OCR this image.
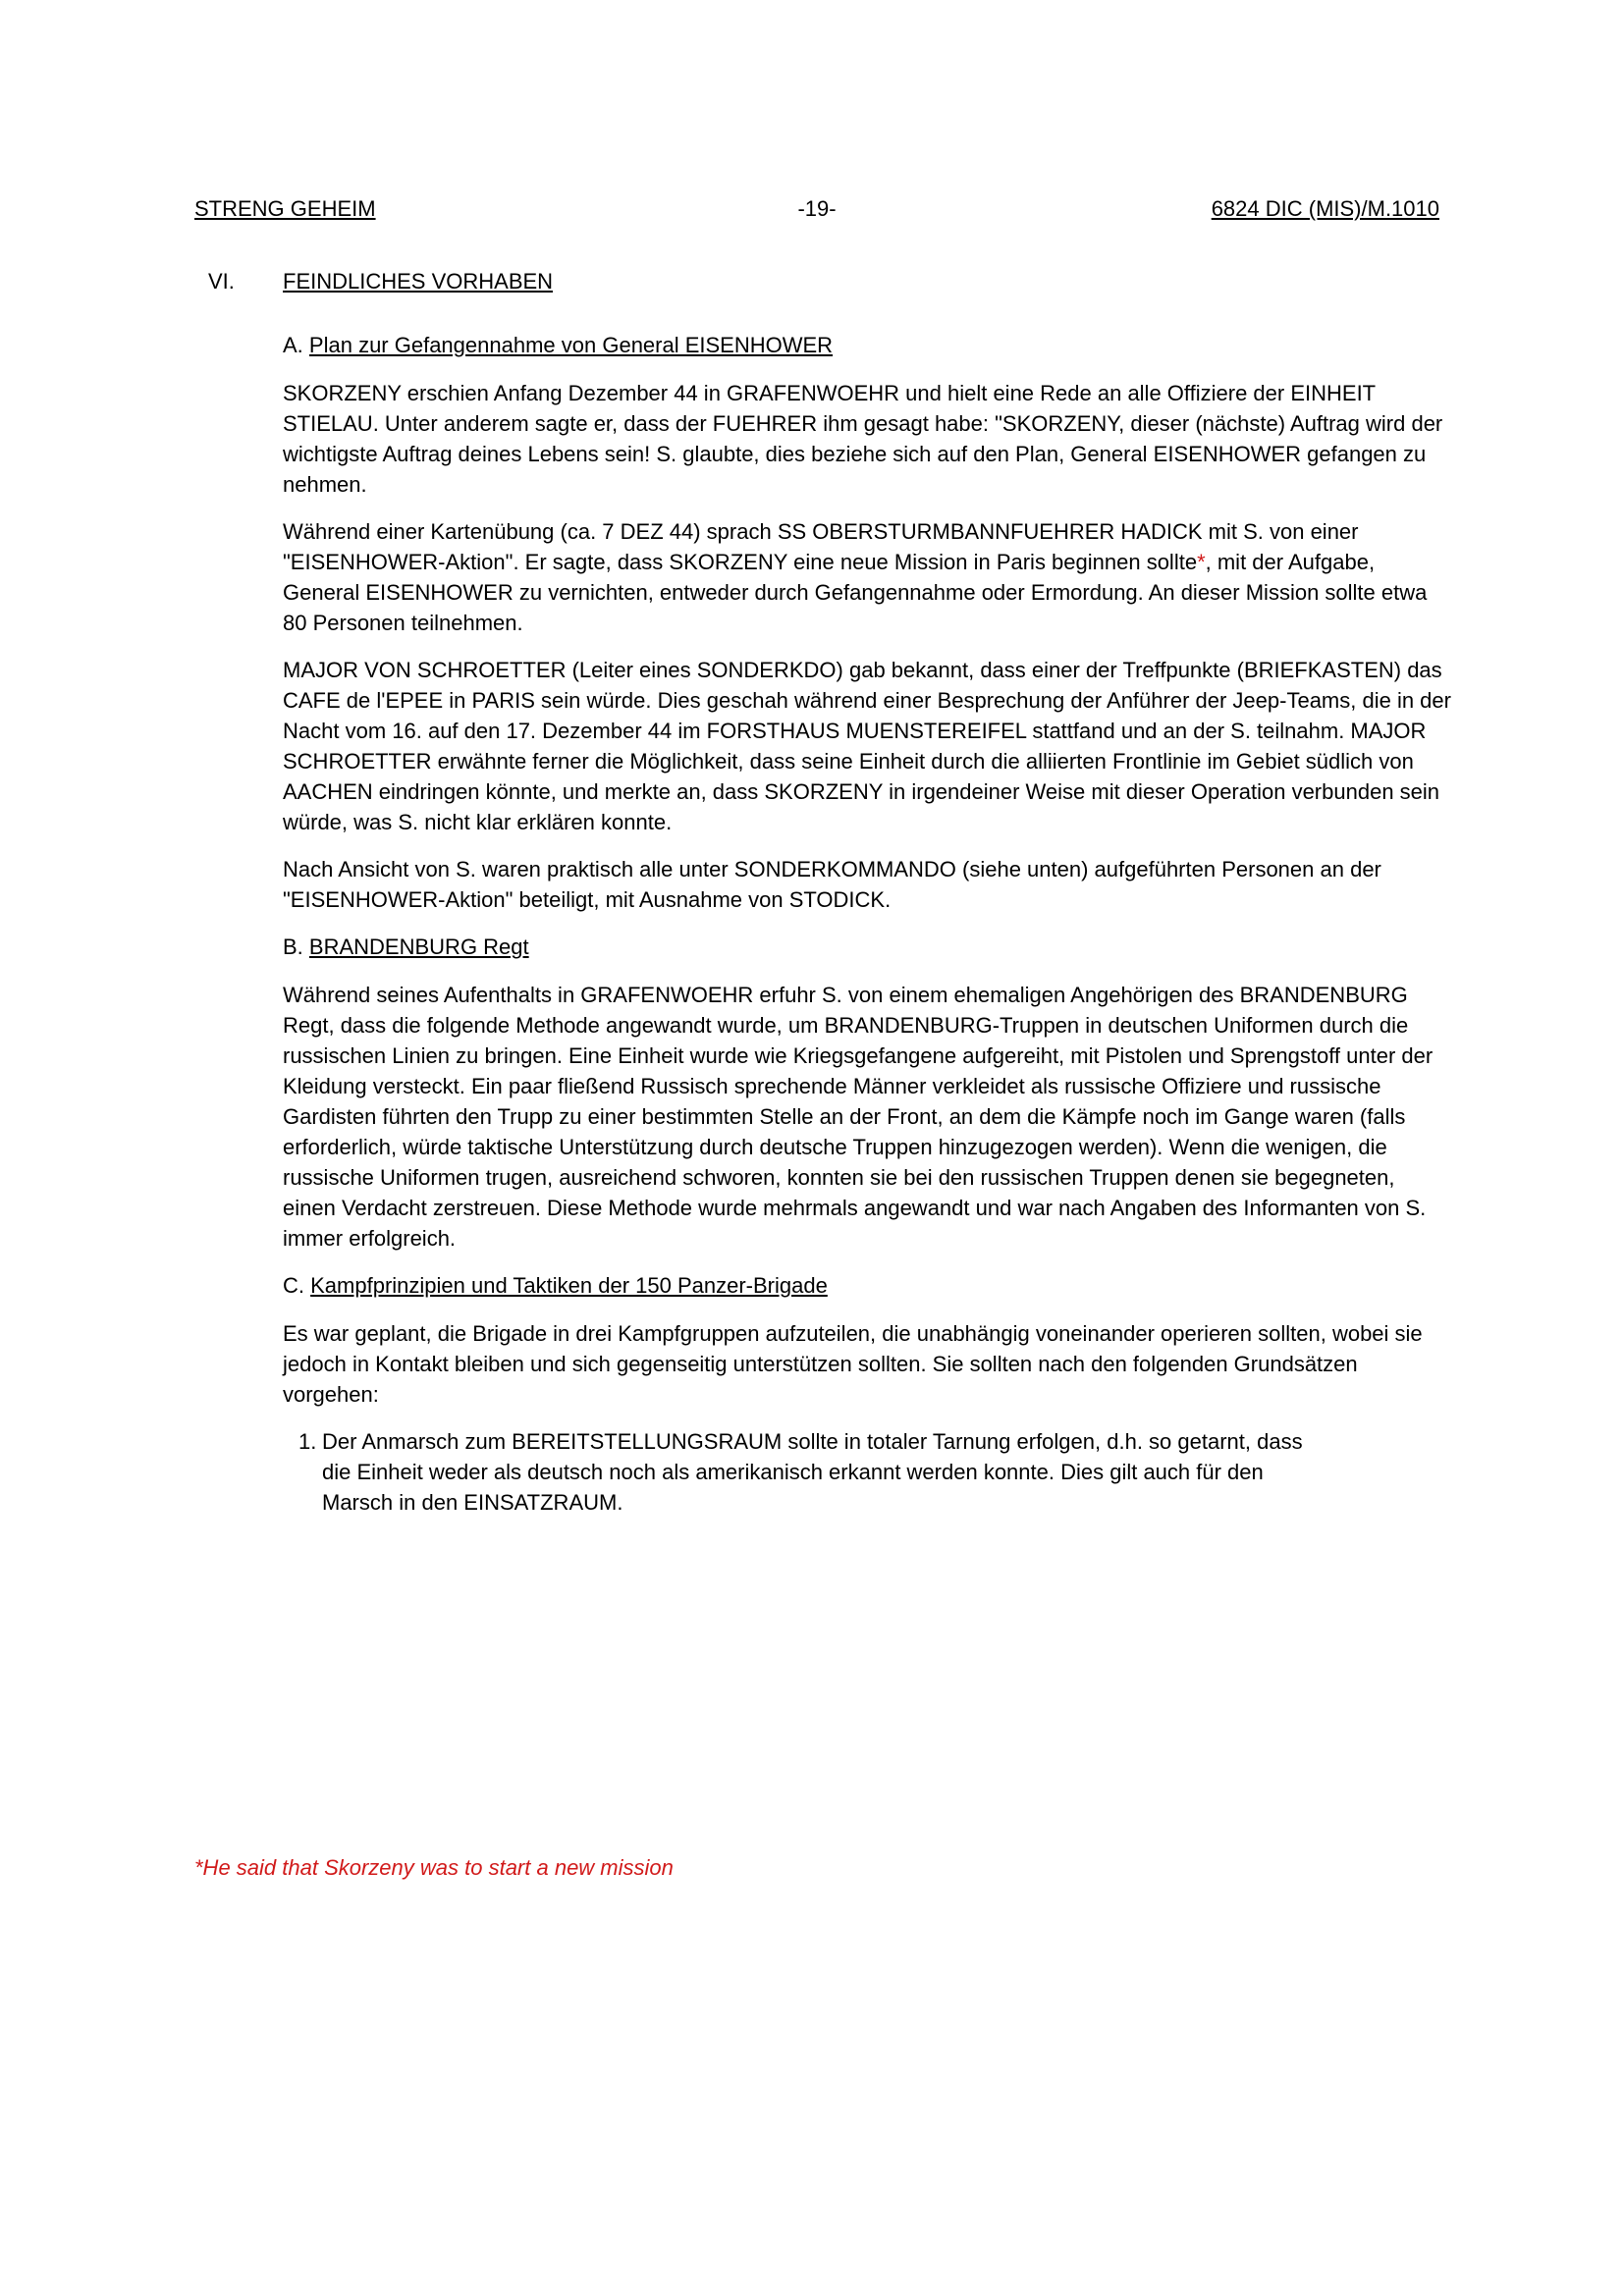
STRENG GEHEIM	-19-	6824 DIC (MIS)/M.1010
VI. FEINDLICHES VORHABEN
A. Plan zur Gefangennahme von General EISENHOWER
SKORZENY erschien Anfang Dezember 44 in GRAFENWOEHR und hielt eine Rede an alle Offiziere der EINHEIT STIELAU. Unter anderem sagte er, dass der FUEHRER ihm gesagt habe: "SKORZENY, dieser (nächste) Auftrag wird der wichtigste Auftrag deines Lebens sein! S. glaubte, dies beziehe sich auf den Plan, General EISENHOWER gefangen zu nehmen.
Während einer Kartenübung (ca. 7 DEZ 44) sprach SS OBERSTURMBANNFUEHRER HADICK mit S. von einer "EISENHOWER-Aktion". Er sagte, dass SKORZENY eine neue Mission in Paris beginnen sollte*, mit der Aufgabe, General EISENHOWER zu vernichten, entweder durch Gefangennahme oder Ermordung. An dieser Mission sollte etwa 80 Personen teilnehmen.
MAJOR VON SCHROETTER (Leiter eines SONDERKDO) gab bekannt, dass einer der Treffpunkte (BRIEFKASTEN) das CAFE de l'EPEE in PARIS sein würde. Dies geschah während einer Besprechung der Anführer der Jeep-Teams, die in der Nacht vom 16. auf den 17. Dezember 44 im FORSTHAUS MUENSTEREIFEL stattfand und an der S. teilnahm. MAJOR SCHROETTER erwähnte ferner die Möglichkeit, dass seine Einheit durch die alliierten Frontlinie im Gebiet südlich von AACHEN eindringen könnte, und merkte an, dass SKORZENY in irgendeiner Weise mit dieser Operation verbunden sein würde, was S. nicht klar erklären konnte.
Nach Ansicht von S. waren praktisch alle unter SONDERKOMMANDO (siehe unten) aufgeführten Personen an der "EISENHOWER-Aktion" beteiligt, mit Ausnahme von STODICK.
B. BRANDENBURG Regt
Während seines Aufenthalts in GRAFENWOEHR erfuhr S. von einem ehemaligen Angehörigen des BRANDENBURG Regt, dass die folgende Methode angewandt wurde, um BRANDENBURG-Truppen in deutschen Uniformen durch die russischen Linien zu bringen. Eine Einheit wurde wie Kriegsgefangene aufgereiht, mit Pistolen und Sprengstoff unter der Kleidung versteckt. Ein paar fließend Russisch sprechende Männer verkleidet als russische Offiziere und russische Gardisten führten den Trupp zu einer bestimmten Stelle an der Front, an dem die Kämpfe noch im Gange waren (falls erforderlich, würde taktische Unterstützung durch deutsche Truppen hinzugezogen werden). Wenn die wenigen, die russische Uniformen trugen, ausreichend schworen, konnten sie bei den russischen Truppen denen sie begegneten, einen Verdacht zerstreuen. Diese Methode wurde mehrmals angewandt und war nach Angaben des Informanten von S. immer erfolgreich.
C. Kampfprinzipien und Taktiken der 150 Panzer-Brigade
Es war geplant, die Brigade in drei Kampfgruppen aufzuteilen, die unabhängig voneinander operieren sollten, wobei sie jedoch in Kontakt bleiben und sich gegenseitig unterstützen sollten. Sie sollten nach den folgenden Grundsätzen vorgehen:
1. Der Anmarsch zum BEREITSTELLUNGSRAUM sollte in totaler Tarnung erfolgen, d.h. so getarnt, dass die Einheit weder als deutsch noch als amerikanisch erkannt werden konnte. Dies gilt auch für den Marsch in den EINSATZRAUM.
*He said that Skorzeny was to start a new mission
